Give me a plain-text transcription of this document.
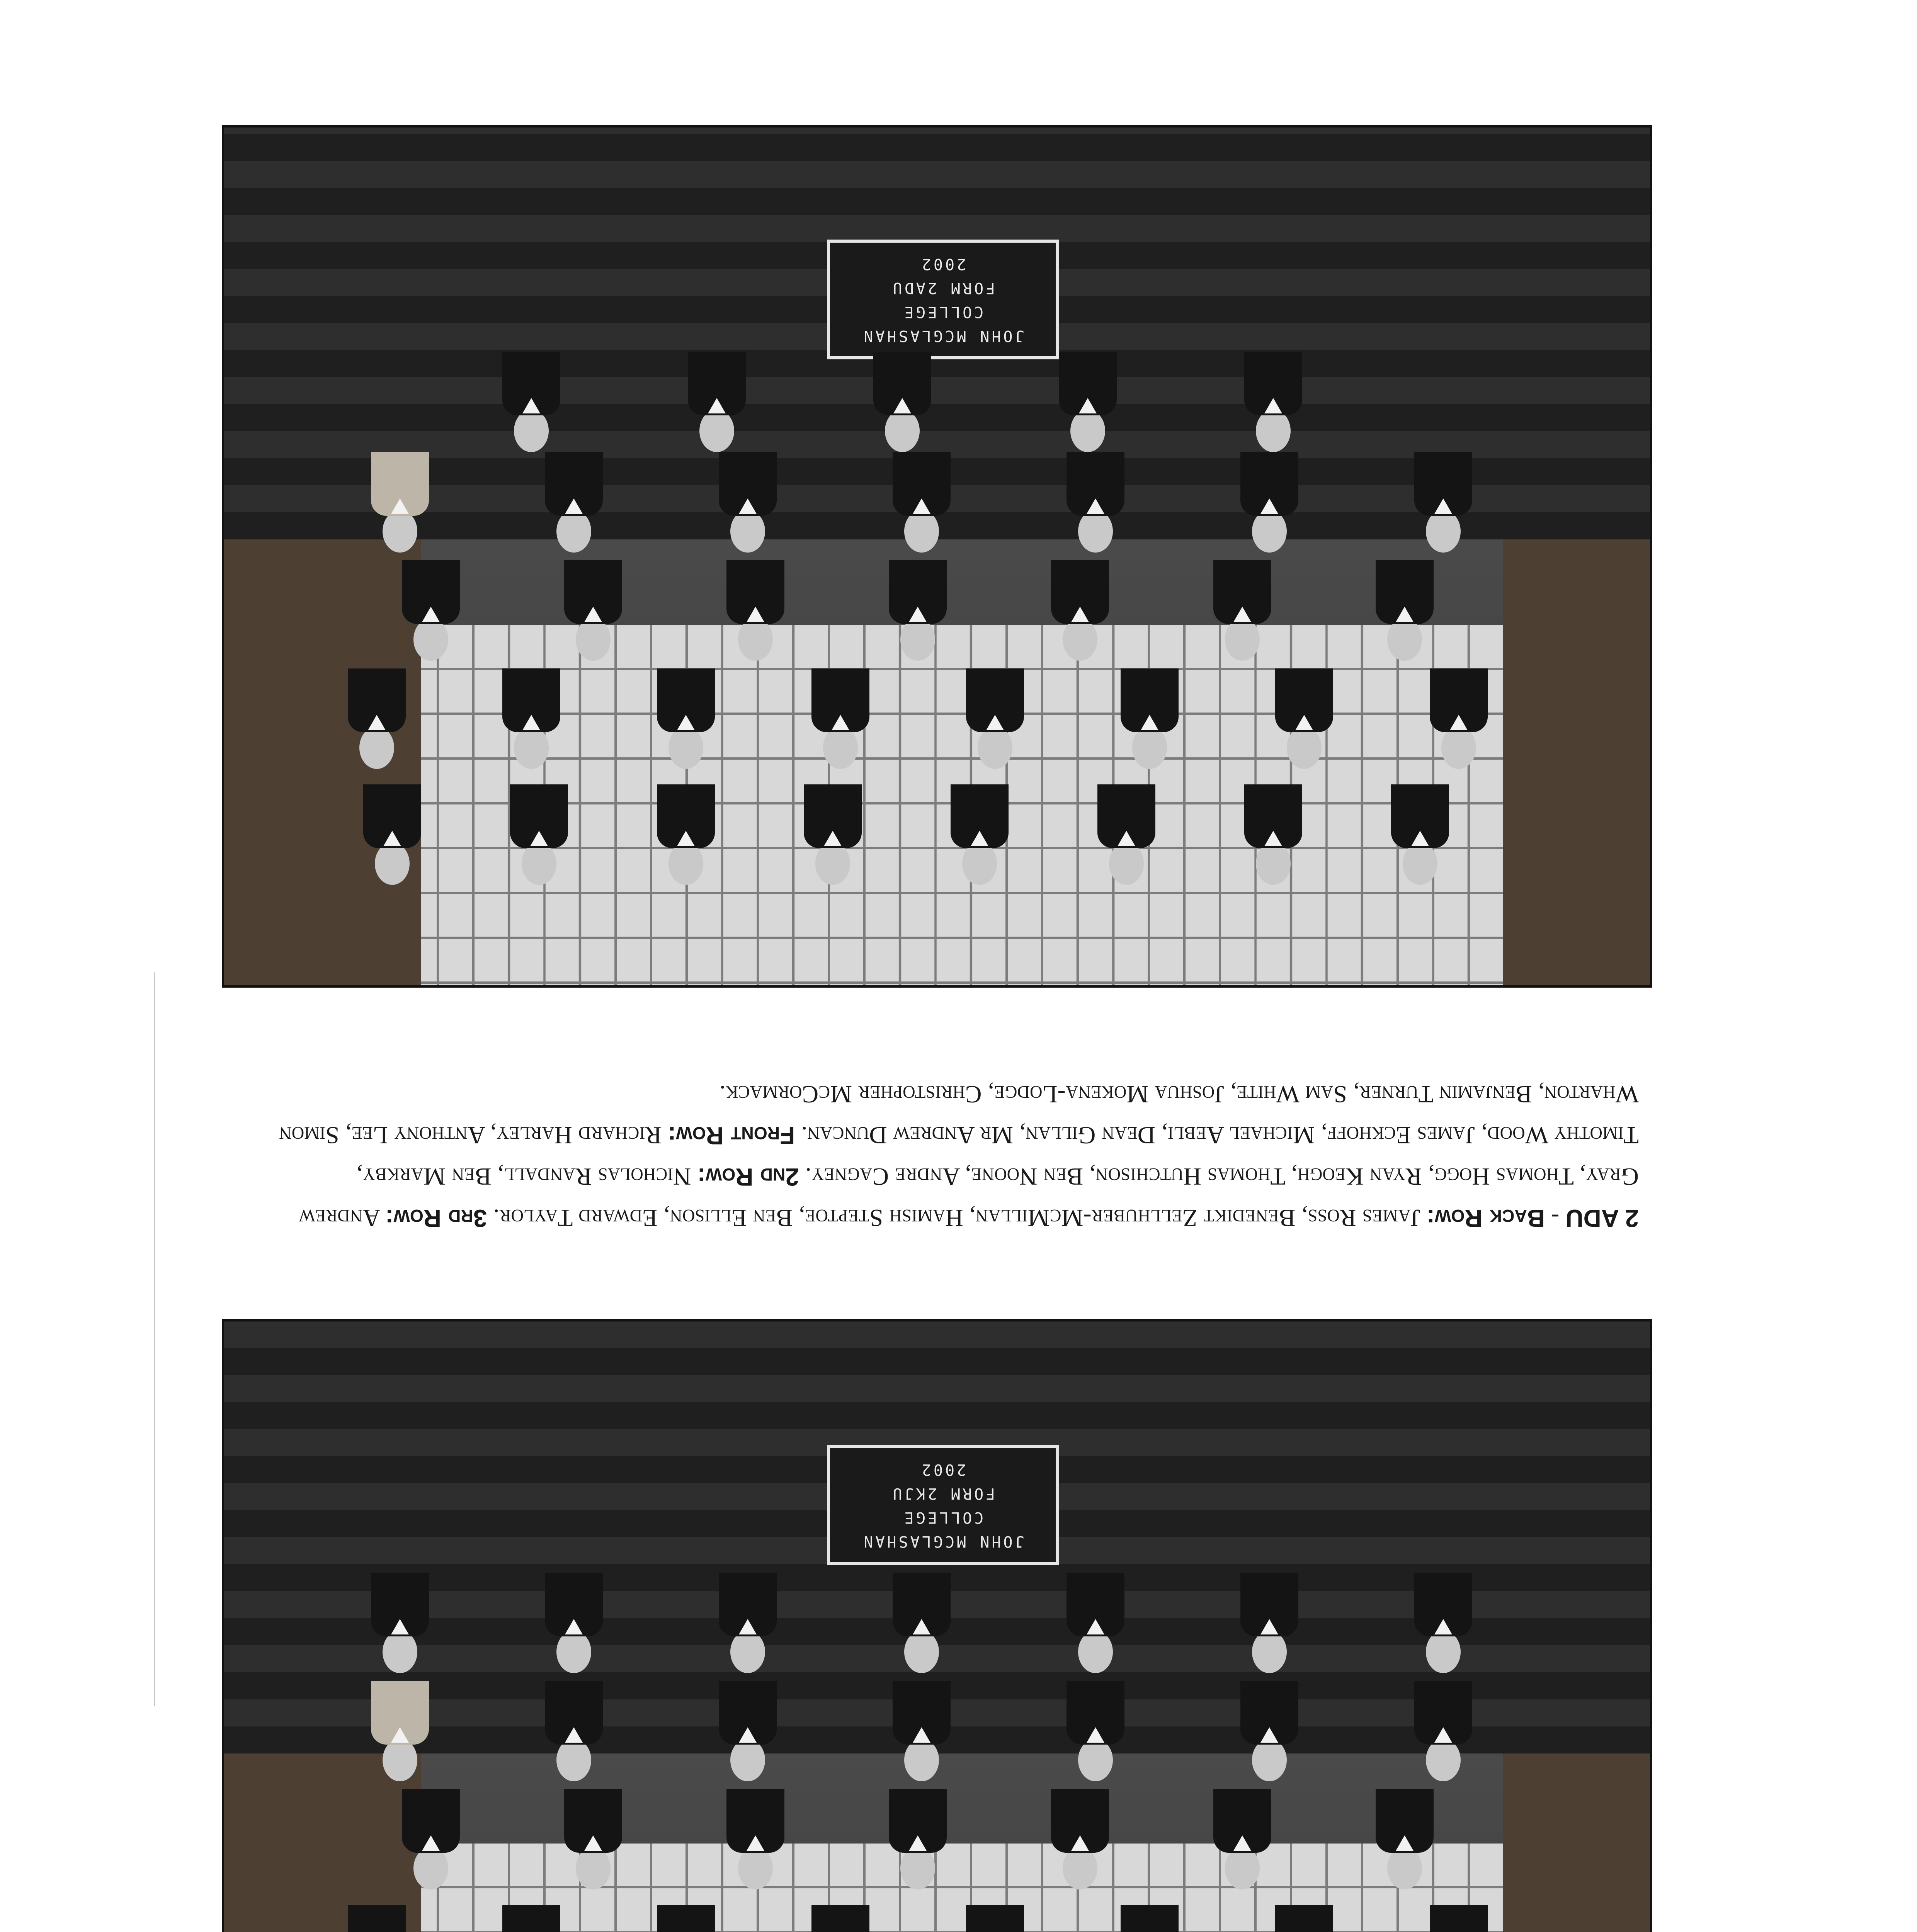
JOHN MCGLASHAN
COLLEGE
FORM 2KJU
2002
2 ADU - Back Row: James Ross, Benedikt Zellhuber-McMillan, Hamish Steptoe, Ben Ellison, Edward Taylor. 3rd Row: Andrew Gray, Thomas Hogg, Ryan Keogh, Thomas Hutchison, Ben Noone, Andre Cagney. 2nd Row: Nicholas Randall, Ben Markby, Timothy Wood, James Eckhoff, Michael Aebli, Dean Gillan, Mr Andrew Duncan. Front Row: Richard Harley, Anthony Lee, Simon Wharton, Benjamin Turner, Sam White, Joshua Mokena-Lodge, Christopher McCormack.
JOHN MCGLASHAN
COLLEGE
FORM 2ADU
2002
